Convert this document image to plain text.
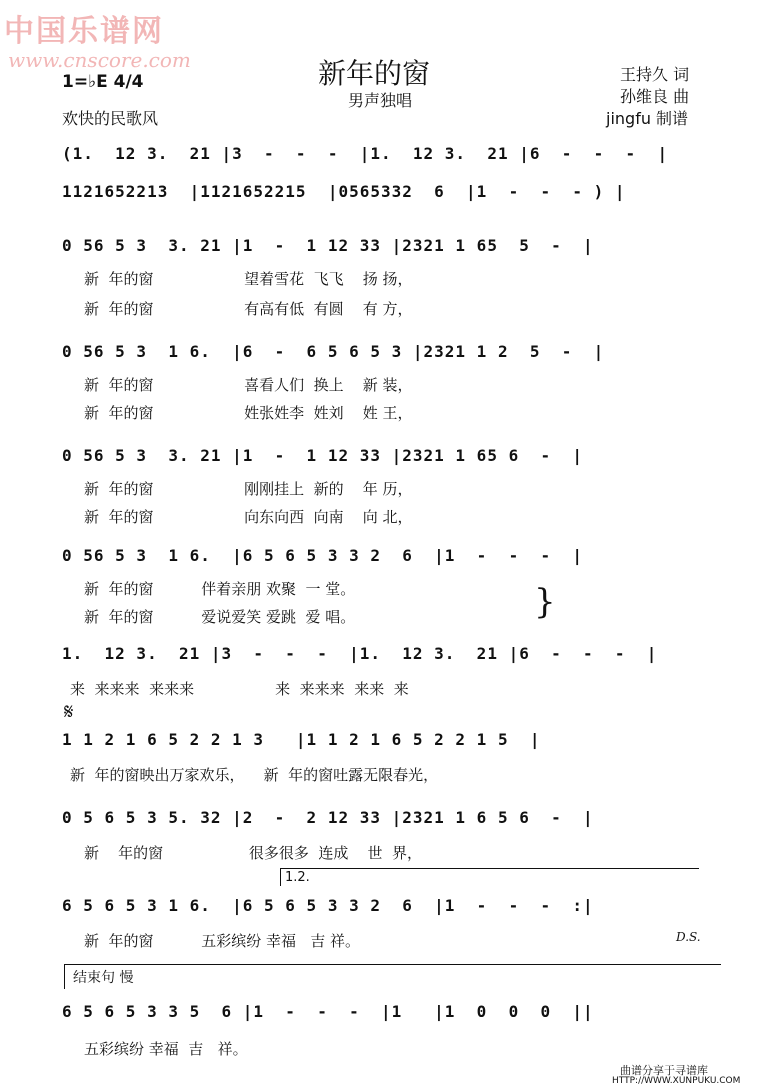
中国乐谱网
www.cnscore.com	新年的窗
男声独唱
1=♭E 4/4
欢快的民歌风
王持久 词
孙维良 曲
jingfu 制谱
(1.  12 3.  21 |3  -  -  -  |1.  12 3.  21 |6  -  -  -  |
1121652213  |1121652215  |0565332  6  |1  -  -  - ) |
0 56 5 3  3. 21 |1  -  1 12 33 |2321 1 65  5  -  |
新  年的窗                   望着雪花  飞飞    扬 扬，
新  年的窗                   有高有低  有圆    有 方，
0 56 5 3  1 6.  |6  -  6 5 6 5 3 |2321 1 2  5  -  |
新  年的窗                   喜看人们  换上    新 装，
新  年的窗                   姓张姓李  姓刘    姓 王，
0 56 5 3  3. 21 |1  -  1 12 33 |2321 1 65 6  -  |
新  年的窗                   刚刚挂上  新的    年 历，
新  年的窗                   向东向西  向南    向 北，
0 56 5 3  1 6.  |6 5 6 5 3 3 2  6  |1  -  -  -  |
新  年的窗          伴着亲朋 欢聚  一 堂。
新  年的窗          爱说爱笑 爱跳  爱 唱。	}
1.  12 3.  21 |3  -  -  -  |1.  12 3.  21 |6  -  -  -  |
来  来来来  来来来                 来  来来来  来来  来
𝄋
1 1 2 1 6 5 2 2 1 3   |1 1 2 1 6 5 2 2 1 5  |
新  年的窗映出万家欢乐，    新  年的窗吐露无限春光，
0 5 6 5 3 5. 32 |2  -  2 12 33 |2321 1 6 5 6  -  |
新    年的窗                  很多很多  连成    世  界，
1.2.
6 5 6 5 3 1 6.  |6 5 6 5 3 3 2  6  |1  -  -  -  :|
新  年的窗          五彩缤纷 幸福   吉 祥。	D.S.
结束句 慢
6 5 6 5 3 3 5  6 |1  -  -  -  |1   |1  0  0  0  ||
五彩缤纷 幸福  吉   祥。
曲谱分享于寻谱库
HTTP://WWW.XUNPUKU.COM
